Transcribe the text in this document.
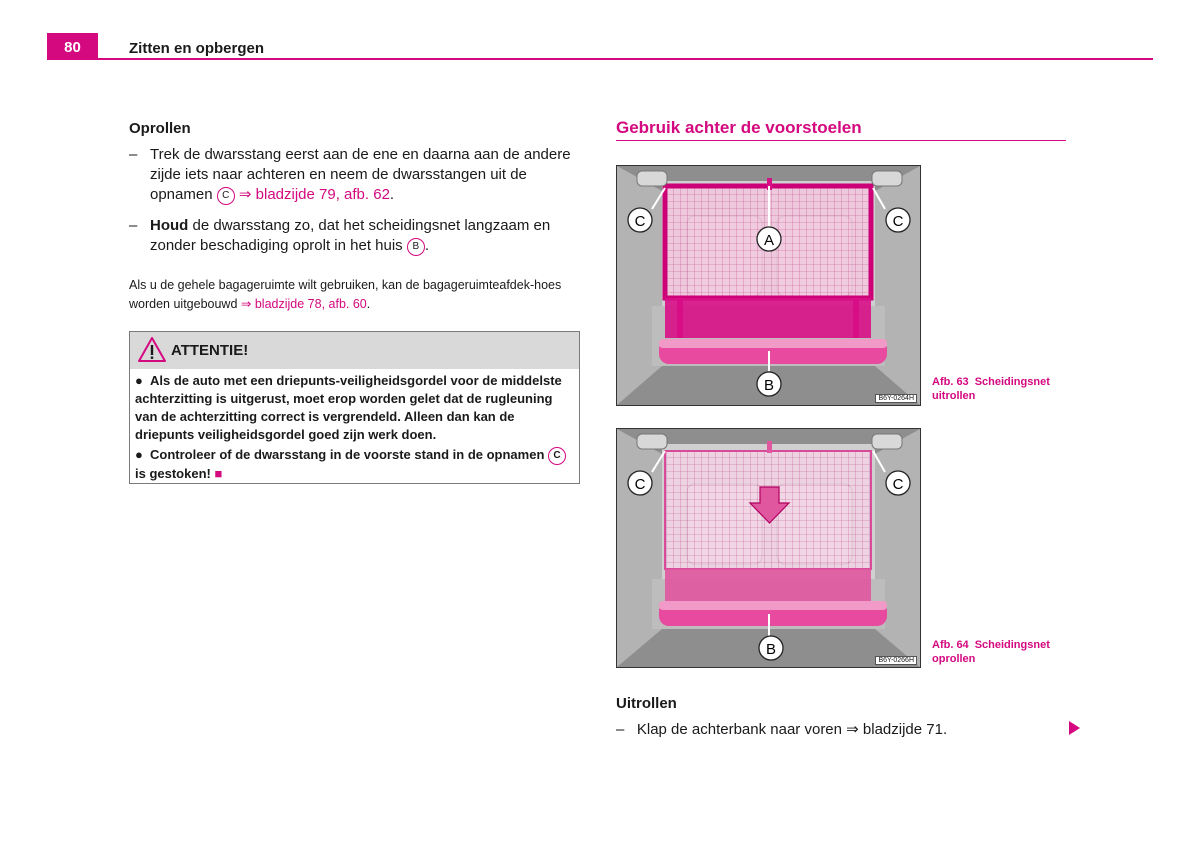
80	Zitten en opbergen
Oprollen
– Trek de dwarsstang eerst aan de ene en daarna aan de andere zijde iets naar achteren en neem de dwarsstangen uit de opnamen C ⇒ bladzijde 79, afb. 62.
– Houd de dwarsstang zo, dat het scheidingsnet langzaam en zonder beschadiging oprolt in het huis B .
Als u de gehele bagageruimte wilt gebruiken, kan de bagageruimteafdek-hoes worden uitgebouwd ⇒ bladzijde 78, afb. 60.
ATTENTIE!
● Als de auto met een driepunts-veiligheidsgordel voor de middelste achterzitting is uitgerust, moet erop worden gelet dat de rugleuning van de achterzitting correct is vergrendeld. Alleen dan kan de driepunts veiligheidsgordel goed zijn werk doen.
● Controleer of de dwarsstang in de voorste stand in de opnamen C is gestoken! ■
Gebruik achter de voorstoelen
A
B
C	C
B6Y-0264H
Afb. 63 Scheidingsnet
uitrollen
B
C	C
B6Y-0266H
Afb. 64 Scheidingsnet
oprollen
Uitrollen
– Klap de achterbank naar voren ⇒ bladzijde 71.
